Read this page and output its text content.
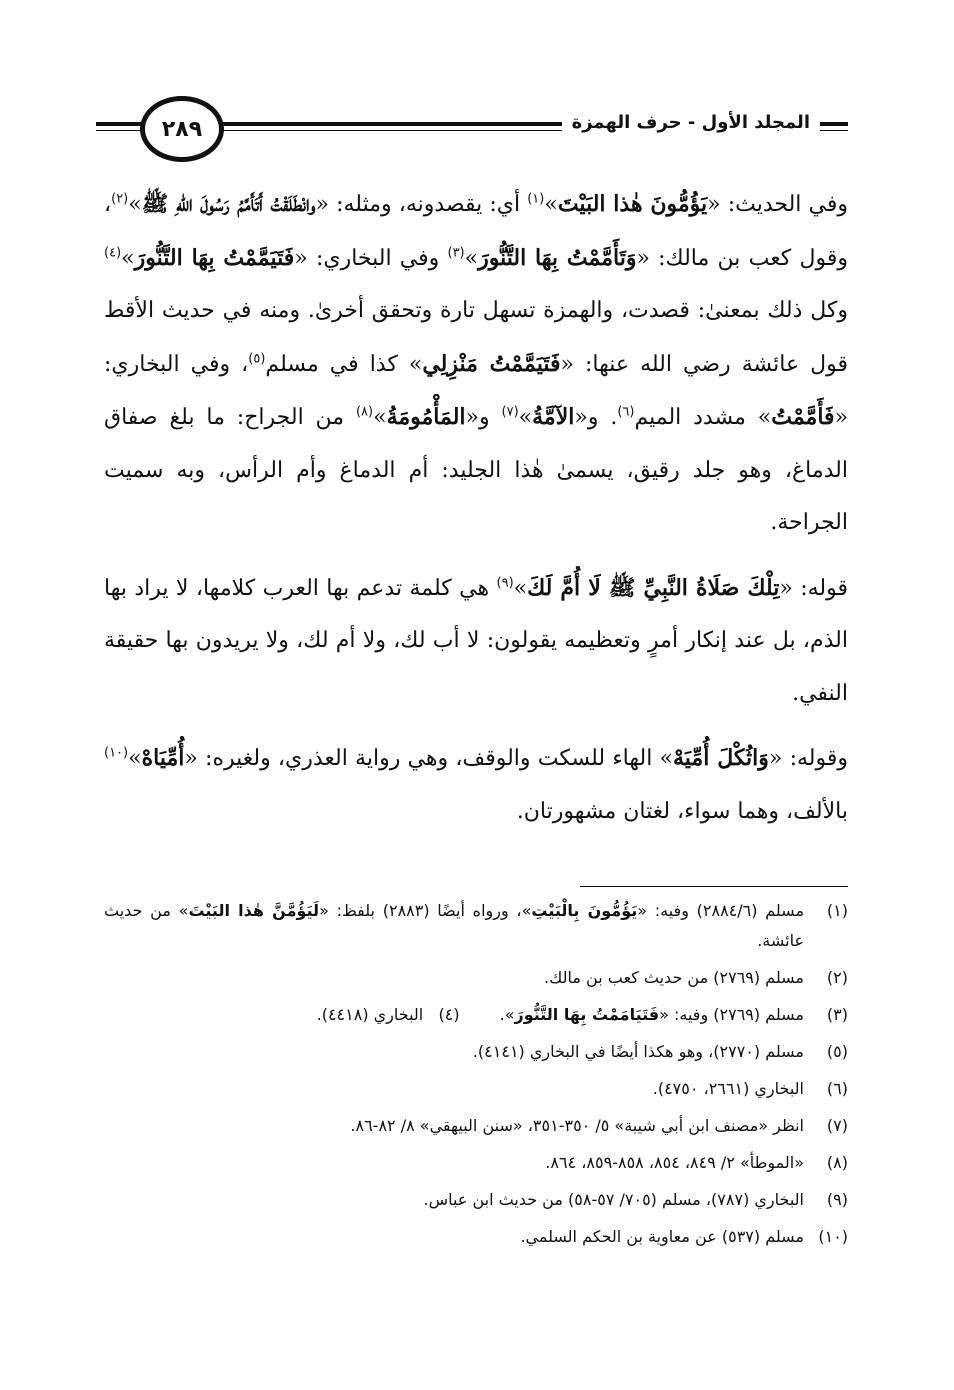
٢٨٩	المجلد الأول - حرف الهمزة

وفي الحديث: «يَؤُمُّونَ هٰذا البَيْتَ»$^{(١)}$ أي: يقصدونه، ومثله: «وانْطَلَقْتُ أَتَأَمَّمُ رَسُولَ اللهِ ﷺ»$^{(٢)}$، وقول كعب بن مالك: «وَتَأَمَّمْتُ بِهَا التَّنُّورَ»$^{(٣)}$ وفي البخاري: «فَتَيَمَّمْتُ بِهَا التَّنُّورَ»$^{(٤)}$ وكل ذلك بمعنىٰ: قصدت، والهمزة تسهل تارة وتحقق أخرىٰ. ومنه في حديث الأقط قول عائشة رضي الله عنها: «فَتَيَمَّمْتُ مَنْزِلِي» كذا في مسلم$^{(٥)}$، وفي البخاري: «فَأَمَّمْتُ» مشدد الميم$^{(٦)}$. و«الآمَّةُ»$^{(٧)}$ و«المَأْمُومَةُ»$^{(٨)}$ من الجراح: ما بلغ صفاق الدماغ، وهو جلد رقيق، يسمىٰ هٰذا الجليد: أم الدماغ وأم الرأس، وبه سميت الجراحة.

قوله: «تِلْكَ صَلَاةُ النَّبِيِّ ﷺ لَا أُمَّ لَكَ»$^{(٩)}$ هي كلمة تدعم بها العرب كلامها، لا يراد بها الذم، بل عند إنكار أمرٍ وتعظيمه يقولون: لا أب لك، ولا أم لك، ولا يريدون بها حقيقة النفي.

وقوله: «وَاثُكْلَ أُمِّيَهْ» الهاء للسكت والوقف، وهي رواية العذري، ولغيره: «أُمِّيَاهْ»$^{(١٠)}$ بالألف، وهما سواء، لغتان مشهورتان.

(١)
مسلم (٢٨٨٤/٦) وفيه: «يَؤُمُّونَ بِالْبَيْتِ»، ورواه أيضًا (٢٨٨٣) بلفظ: «لَيَؤُمَّنَّ هٰذا البَيْتَ» من حديث عائشة.
(٢)
مسلم (٢٧٦٩) من حديث كعب بن مالك.
(٣)
مسلم (٢٧٦٩) وفيه: «فَتَيَامَمْتُ بِهَا التَّنُّورَ».(٤)   البخاري (٤٤١٨).
(٥)
مسلم (٢٧٧٠)، وهو هكذا أيضًا في البخاري (٤١٤١).
(٦)
البخاري (٢٦٦١، ٤٧٥٠).
(٧)
انظر «مصنف ابن أبي شيبة» ٥/ ٣٥٠-٣٥١، «سنن البيهقي» ٨/ ٨٢-٨٦.
(٨)
«الموطأ» ٢/ ٨٤٩، ٨٥٤، ٨٥٨-٨٥٩، ٨٦٤.
(٩)
البخاري (٧٨٧)، مسلم (٧٠٥/ ٥٧-٥٨) من حديث ابن عباس.
(١٠)
مسلم (٥٣٧) عن معاوية بن الحكم السلمي.
